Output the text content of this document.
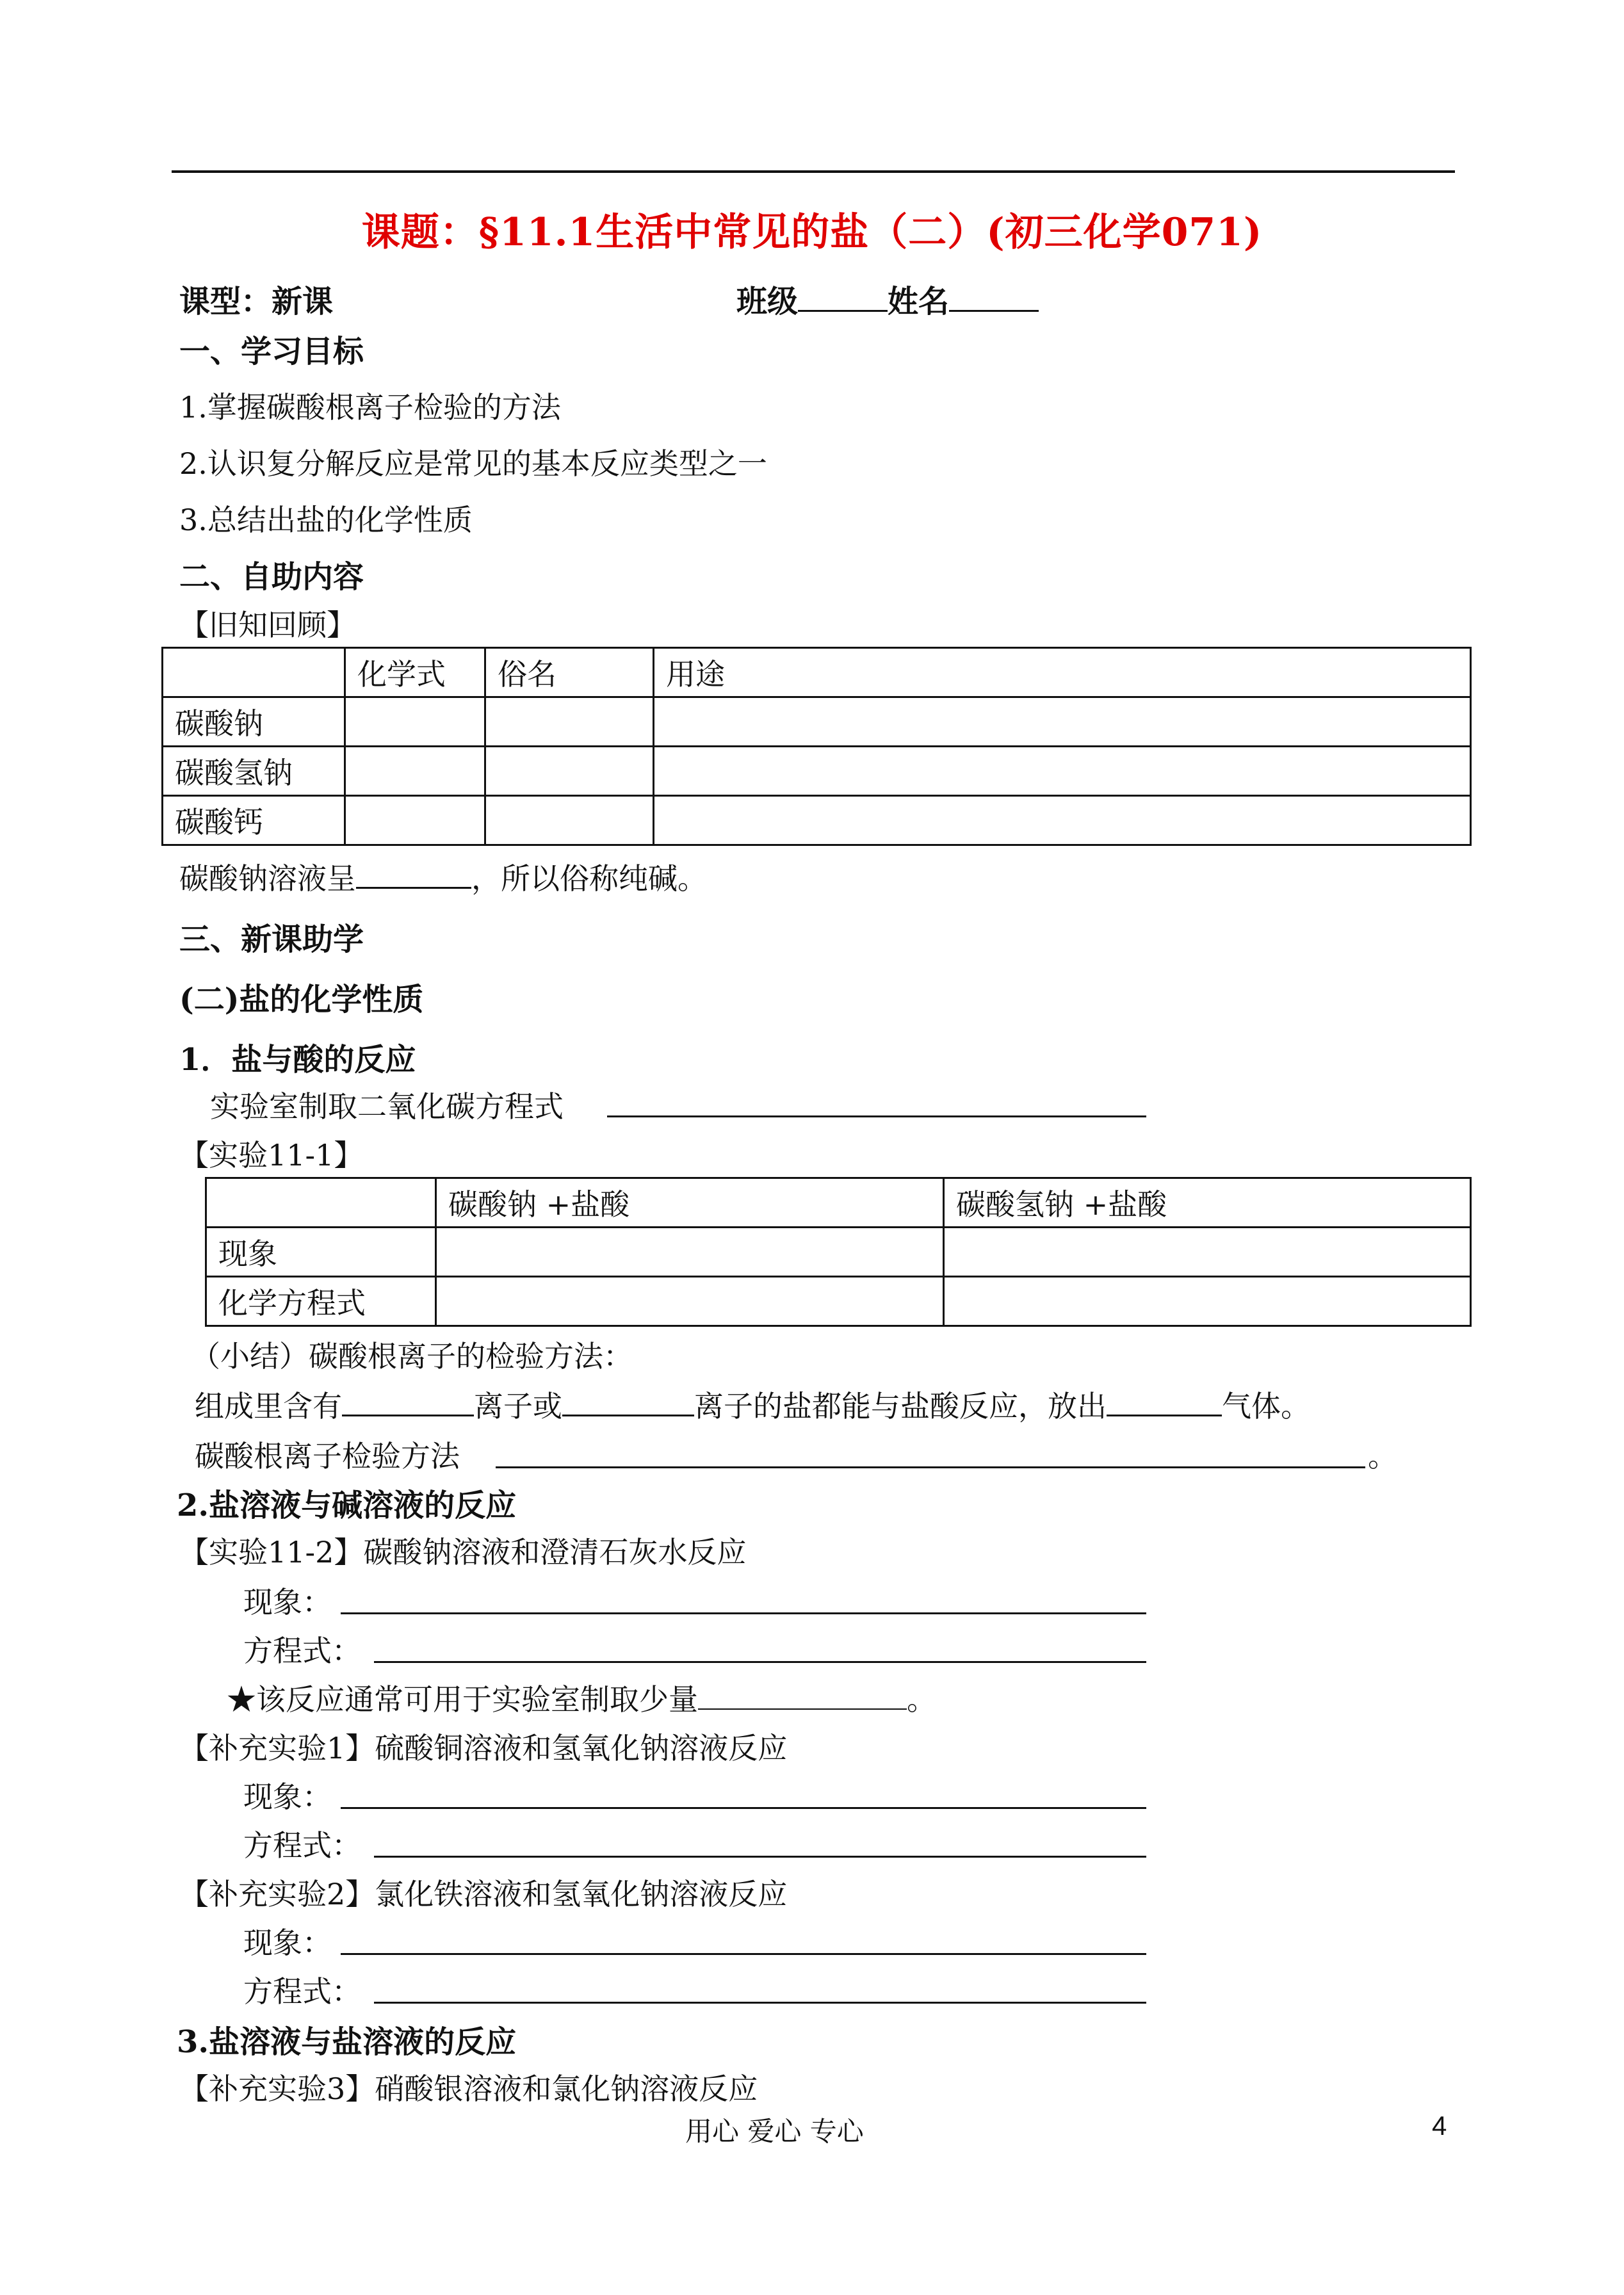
课题：§11.1生活中常见的盐（二）(初三化学071)
课型：新课	班级	姓名
一、学习目标
1.掌握碳酸根离子检验的方法
2.认识复分解反应是常见的基本反应类型之一
3.总结出盐的化学性质
二、自助内容
【旧知回顾】
	化学式	俗名	用途
碳酸钠			
碳酸氢钠			
碳酸钙			
碳酸钠溶液呈	，所以俗称纯碱。
三、新课助学
(二)盐的化学性质
1．盐与酸的反应
实验室制取二氧化碳方程式
【实验11-1】
	碳酸钠 +盐酸	碳酸氢钠 +盐酸
现象		
化学方程式		
（小结）碳酸根离子的检验方法：
组成里含有	离子或	离子的盐都能与盐酸反应，放出	气体。
碳酸根离子检验方法	。
2.盐溶液与碱溶液的反应
【实验11-2】碳酸钠溶液和澄清石灰水反应
现象：
方程式：
★该反应通常可用于实验室制取少量	。
【补充实验1】硫酸铜溶液和氢氧化钠溶液反应
现象：
方程式：
【补充实验2】氯化铁溶液和氢氧化钠溶液反应
现象：
方程式：
3.盐溶液与盐溶液的反应
【补充实验3】硝酸银溶液和氯化钠溶液反应
用心 爱心 专心	4
